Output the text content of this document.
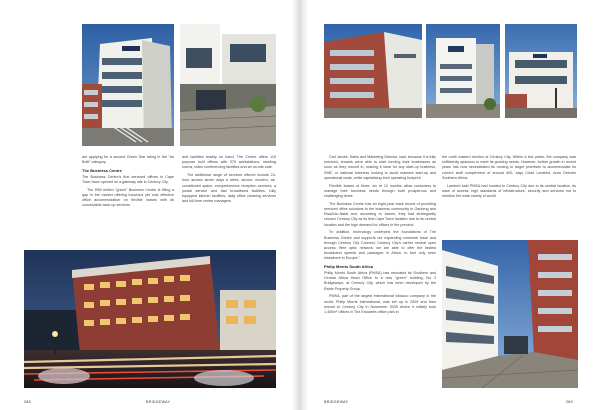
are applying for a second Green Star rating in the "As Built" category.

The Business Centre

The Business Centre's first serviced offices in Cape Town have opened on a gateway site in Century City.

The R85 million "green" Business Centre is filling a gap in the market offering luxurious yet cost effective office accommodation on flexible leases with all conceivable back up services

and facilities readily on hand. The Centre offers 115 purpose built offices with 370 workstations, meeting rooms, video conferencing facilities and an on-site cafe.

The additional range of services offered include 24-hour access seven days a week, secure, modern, air-conditioned space, comprehensive reception services, a postal service and fast broadband facilities, fully equipped kitchen facilities, daily office cleaning services and full-time centre managers.

288	BRIDGEWAY

Carl James, Sales and Marketing Director, said, because it is fully serviced, tenants were able to start running their businesses as soon as they moved in, making it ideal for any start-up business, SME, or national business looking to avoid massive start-up and operational costs, while capitalising their operating footprint.

Flexible leases of three, six or 12 months allow customers to manage their business needs through both prosperous and challenging times.

The Business Centre has an eight-year track record of providing serviced office solutions to the business community in Gauteng and KwaZulu-Natal and, according to James, they had strategically chosen Century City as its first Cape Town location due to its central location and the high demand for offices in the precinct.

"In addition, technology underpins the foundations of The Business Centre and supports our expanding customer base and through Century City Connect, Century City's carrier neutral open access, fibre optic network, we are able to offer the fastest broadband speeds and packages in Africa. In fact only seen elsewhere in Europe."

Philip Morris South Africa

Philip Morris South Africa (PMSA) has relocated its Southern and Central Africa Head Office to a new "green" building, No 3 Bridgeways, at Century City, which has been developed by the Rabie Property Group.

PMSA, part of the largest international tobacco company in the world, Philip Morris International, was set up in 2009 and then moved to Century City in November 2009 where it initially took 1,400m² offices in The Estuaries office park in

the north eastern section of Century City. Within a few years, the company was sufficiently spacious to meet its growing needs. However, further growth in recent years has now necessitated its moving to larger premises to accommodate its current staff complement of around 600, says Chad Lambert, Area Director Southern Africa.

Lambert said PMSA had located to Century City due to its central location, its ease of access, high standards of infrastructure, security and services not to mention the wide variety of world

BRIDGEWAY	289
